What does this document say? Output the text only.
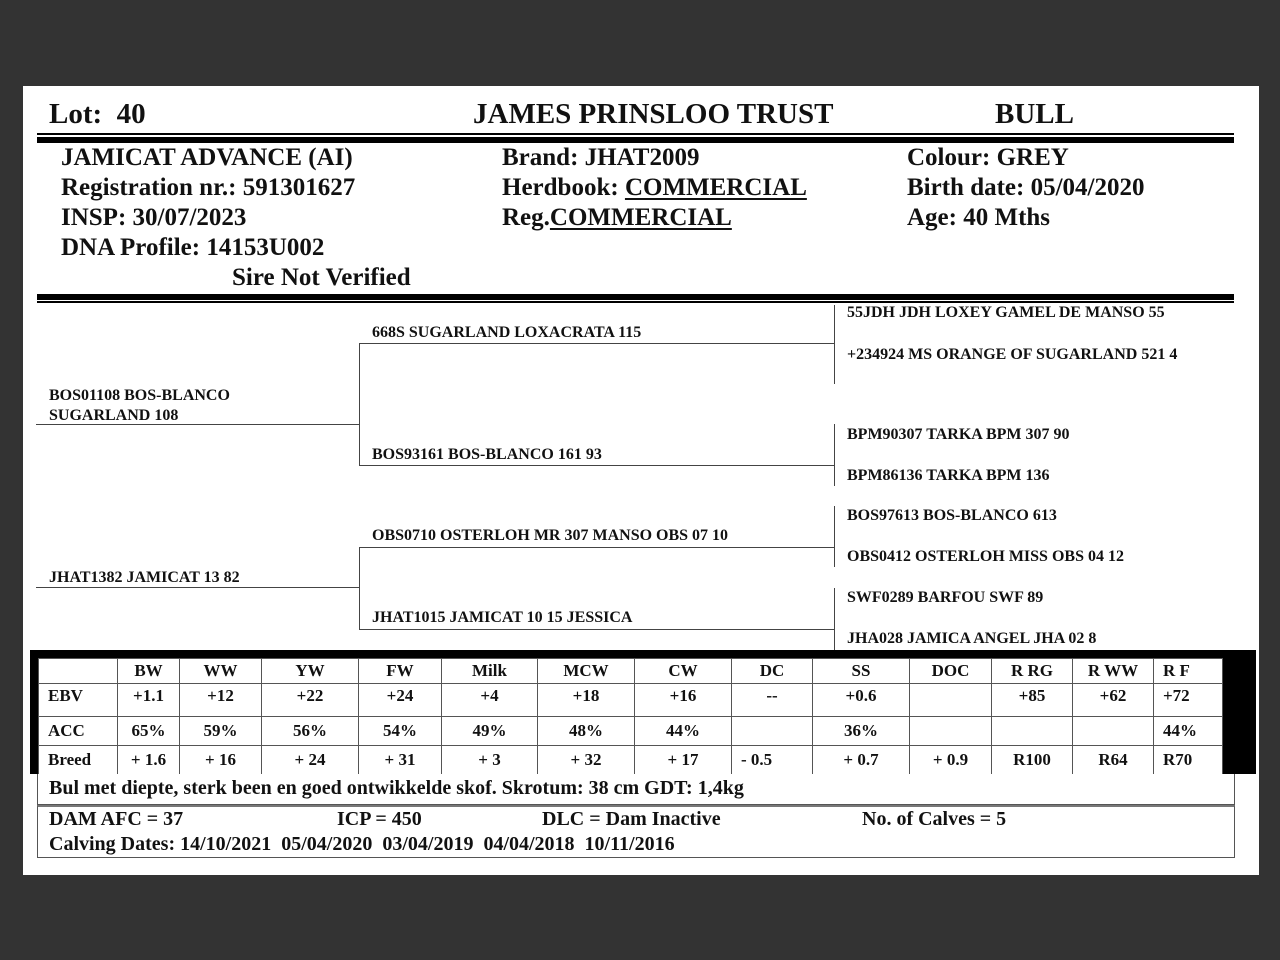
Lot: 40	JAMES PRINSLOO TRUST	BULL
JAMICAT ADVANCE (AI)
Registration nr.: 591301627
INSP: 30/07/2023
DNA Profile: 14153U002
Sire Not Verified
Brand: JHAT2009
Herdbook: COMMERCIAL
Reg.COMMERCIAL
Colour: GREY
Birth date: 05/04/2020
Age: 40 Mths
BOS01108 BOS-BLANCO SUGARLAND 108
JHAT1382 JAMICAT 13 82
668S SUGARLAND LOXACRATA 115
BOS93161 BOS-BLANCO 161 93
OBS0710 OSTERLOH MR 307 MANSO OBS 07 10
JHAT1015 JAMICAT 10 15 JESSICA
55JDH JDH LOXEY GAMEL DE MANSO 55
+234924 MS ORANGE OF SUGARLAND 521 4
BPM90307 TARKA BPM 307 90
BPM86136 TARKA BPM 136
BOS97613 BOS-BLANCO 613
OBS0412 OSTERLOH MISS OBS 04 12
SWF0289 BARFOU SWF 89
JHA028 JAMICA ANGEL JHA 02 8
	BW	WW	YW	FW	Milk	MCW	CW	DC	SS	DOC	R RG	R WW	R F
EBV	+1.1	+12	+22	+24	+4	+18	+16	--	+0.6		+85	+62	+72
ACC	65%	59%	56%	54%	49%	48%	44%		36%				44%
Breed	+ 1.6	+ 16	+ 24	+ 31	+ 3	+ 32	+ 17	- 0.5	+ 0.7	+ 0.9	R100	R64	R70
Bul met diepte, sterk been en goed ontwikkelde skof. Skrotum: 38 cm GDT: 1,4kg
DAM AFC = 37	ICP = 450	DLC = Dam Inactive	No. of Calves = 5
Calving Dates: 14/10/2021  05/04/2020  03/04/2019  04/04/2018  10/11/2016
